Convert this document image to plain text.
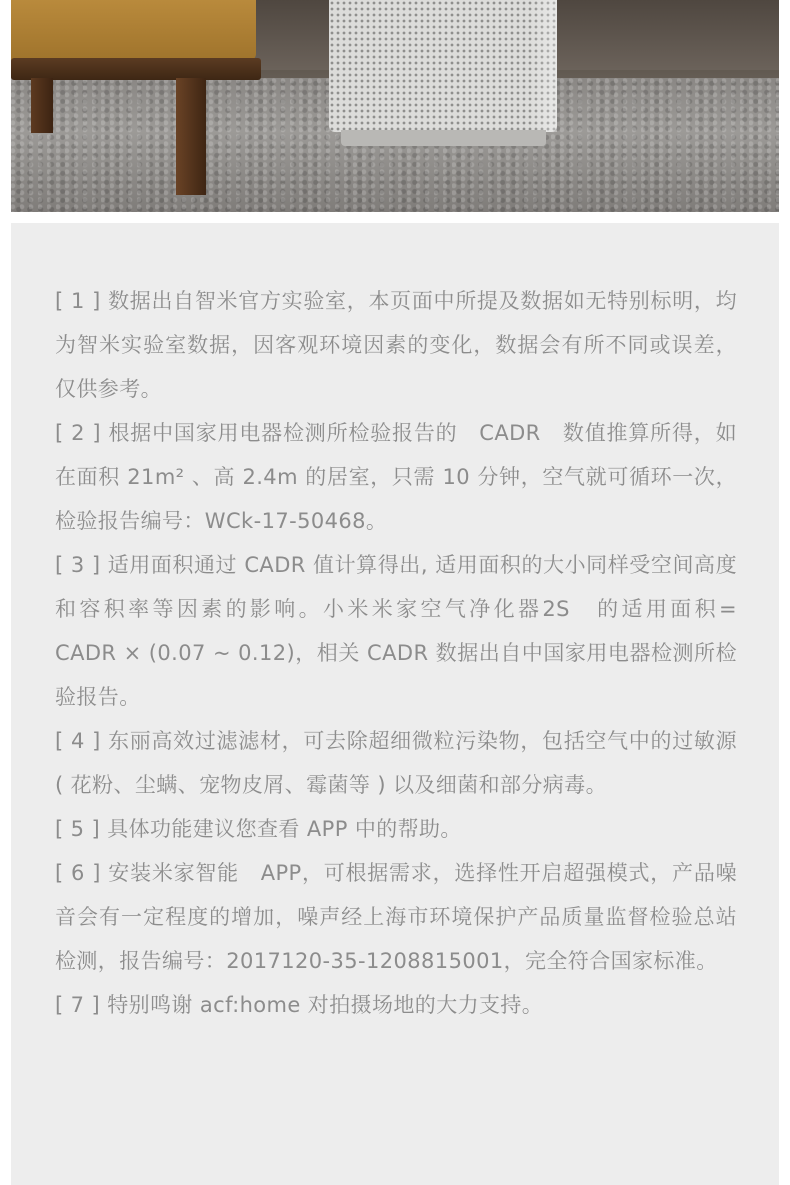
[ 1 ] 数据出自智米官方实验室，本页面中所提及数据如无特别标明，均为智米实验室数据，因客观环境因素的变化，数据会有所不同或误差，仅供参考。
[ 2 ] 根据中国家用电器检测所检验报告的　CADR　数值推算所得，如在面积 21m² 、高 2.4m 的居室，只需 10 分钟，空气就可循环一次，检验报告编号：WCk-17-50468。
[ 3 ] 适用面积通过 CADR 值计算得出, 适用面积的大小同样受空间高度和容积率等因素的影响。小米米家空气净化器2S　的适用面积=　CADR × (0.07 ~ 0.12)，相关 CADR 数据出自中国家用电器检测所检验报告。
[ 4 ] 东丽高效过滤滤材，可去除超细微粒污染物，包括空气中的过敏源 ( 花粉、尘螨、宠物皮屑、霉菌等 ) 以及细菌和部分病毒。
[ 5 ] 具体功能建议您查看 APP 中的帮助。
[ 6 ] 安装米家智能　APP，可根据需求，选择性开启超强模式，产品噪音会有一定程度的增加，噪声经上海市环境保护产品质量监督检验总站检测，报告编号：2017120-35-1208815001，完全符合国家标准。
[ 7 ] 特别鸣谢 acf:home 对拍摄场地的大力支持。
